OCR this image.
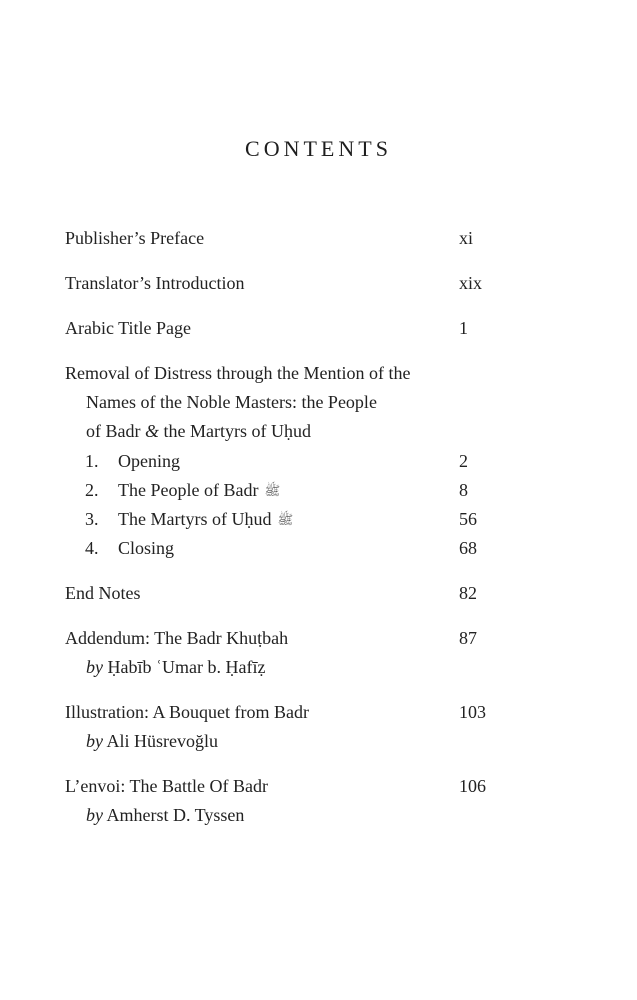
CONTENTS
Publisher’s Preface	xi
Translator’s Introduction	xix
Arabic Title Page	1
Removal of Distress through the Mention of the
Names of the Noble Masters: the People
of Badr & the Martyrs of Uḥud
1. Opening	2
2. The People of Badr ﷺ	8
3. The Martyrs of Uḥud ﷺ	56
4. Closing	68
End Notes	82
Addendum: The Badr Khuṭbah	87
by Ḥabīb ʿUmar b. Ḥafīẓ
Illustration: A Bouquet from Badr	103
by Ali Hüsrevoğlu
L’envoi: The Battle Of Badr	106
by Amherst D. Tyssen
